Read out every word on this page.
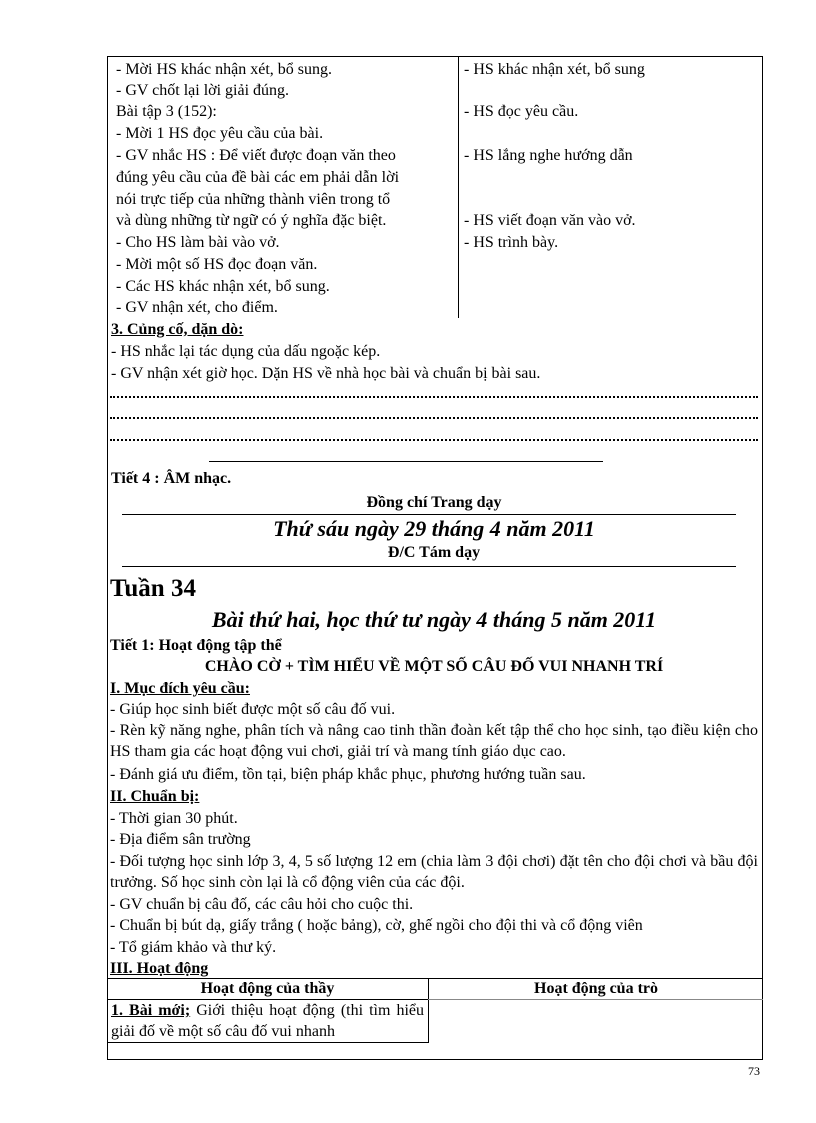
- Mời HS khác nhận xét, bổ sung.
- GV chốt lại lời giải đúng.
Bài tập 3 (152):
- Mời 1 HS đọc yêu cầu của bài.
- GV nhắc HS : Để viết được đoạn văn theo
đúng yêu cầu của đề bài các em phải dẫn lời
nói trực tiếp của những thành viên trong tổ
và dùng những từ ngữ có ý nghĩa đặc biệt.
- Cho HS làm bài vào vở.
- Mời một số HS đọc đoạn văn.
- Các HS khác nhận xét, bổ sung.
- GV nhận xét, cho điểm.
- HS khác nhận xét, bổ sung
- HS đọc yêu cầu.
- HS lắng nghe hướng dẫn
- HS viết đoạn văn vào vở.
- HS trình bày.
3. Củng cố, dặn dò:
- HS nhắc lại tác dụng của dấu ngoặc kép.
- GV nhận xét giờ học. Dặn HS về nhà học bài và chuẩn bị bài sau.
Tiết 4 : ÂM nhạc.
Đồng chí Trang dạy
Thứ sáu ngày 29 tháng 4 năm 2011
Đ/C Tám dạy
Tuần 34
Bài thứ hai, học thứ tư ngày 4 tháng 5 năm 2011
Tiết 1: Hoạt động tập thể
CHÀO CỜ + TÌM HIỂU VỀ MỘT SỐ CÂU ĐỐ VUI NHANH TRÍ
I. Mục đích yêu cầu:
- Giúp học sinh biết được một số câu đố vui.
- Rèn kỹ năng nghe, phân tích và nâng cao tinh thần đoàn kết tập thể cho học sinh, tạo điều kiện cho HS tham gia các hoạt động vui chơi, giải trí và mang tính giáo dục cao.
- Đánh giá ưu điểm, tồn tại, biện pháp khắc phục, phương hướng tuần sau.
II. Chuẩn bị:
- Thời gian 30 phút.
- Địa điểm sân trường
- Đối tượng học sinh lớp 3, 4, 5 số lượng 12 em (chia làm 3 đội chơi) đặt tên cho đội chơi và bầu đội trưởng. Số học sinh còn lại là cổ động viên của các đội.
- GV chuẩn bị câu đố, các câu hỏi cho cuộc thi.
- Chuẩn bị bút dạ, giấy trắng ( hoặc bảng), cờ, ghế ngồi cho đội thi và cổ động viên
- Tổ giám khảo và thư ký.
III. Hoạt động
Hoạt động của thầy	Hoạt động của trò
1. Bài mới; Giới thiệu hoạt động (thi tìm hiểu giải đố về một số câu đố vui nhanh
73
